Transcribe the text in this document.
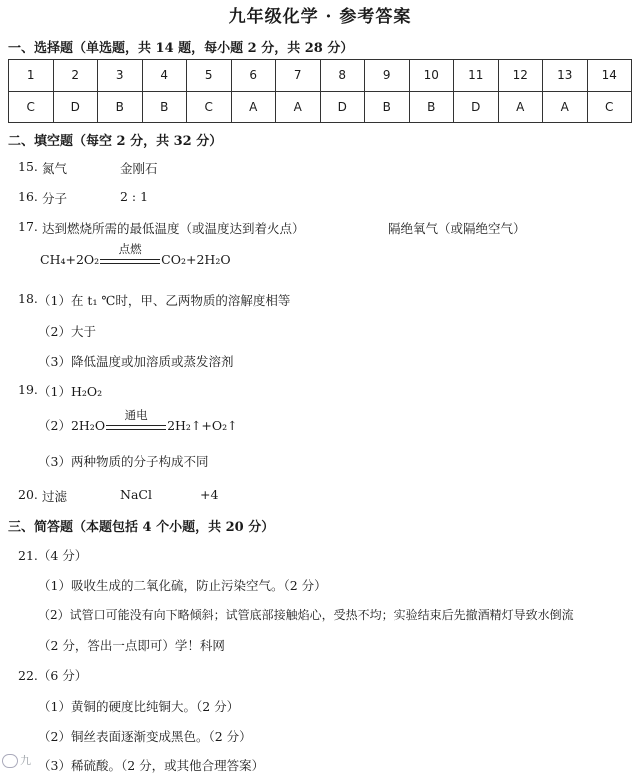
九年级化学 · 参考答案
一、选择题（单选题，共 14 题，每小题 2 分，共 28 分）
1	2	3	4	5	6	7	8	9	10	11	12	13	14
C	D	B	B	C	A	A	D	B	B	D	A	A	C
二、填空题（每空 2 分，共 32 分）
15. 氮气	金刚石
16. 分子	2 : 1
17. 达到燃烧所需的最低温度（或温度达到着火点）	隔绝氧气（或隔绝空气）
CH₄+2O₂
点燃
CO₂+2H₂O
18. （1）在 t₁ ℃时，甲、乙两物质的溶解度相等
（2）大于
（3）降低温度或加溶质或蒸发溶剂
19. （1）H₂O₂
（2）2H₂O
通电
2H₂↑+O₂↑
（3）两种物质的分子构成不同
20. 过滤	NaCl	+4
三、简答题（本题包括 4 个小题，共 20 分）
21.（4 分）
（1）吸收生成的二氧化硫，防止污染空气。（2 分）
（2）试管口可能没有向下略倾斜；试管底部接触焰心，受热不均；实验结束后先撤酒精灯导致水倒流
（2 分，答出一点即可）学！科网
22.（6 分）
（1）黄铜的硬度比纯铜大。（2 分）
（2）铜丝表面逐渐变成黑色。（2 分）
（3）稀硫酸。（2 分，或其他合理答案）
九
